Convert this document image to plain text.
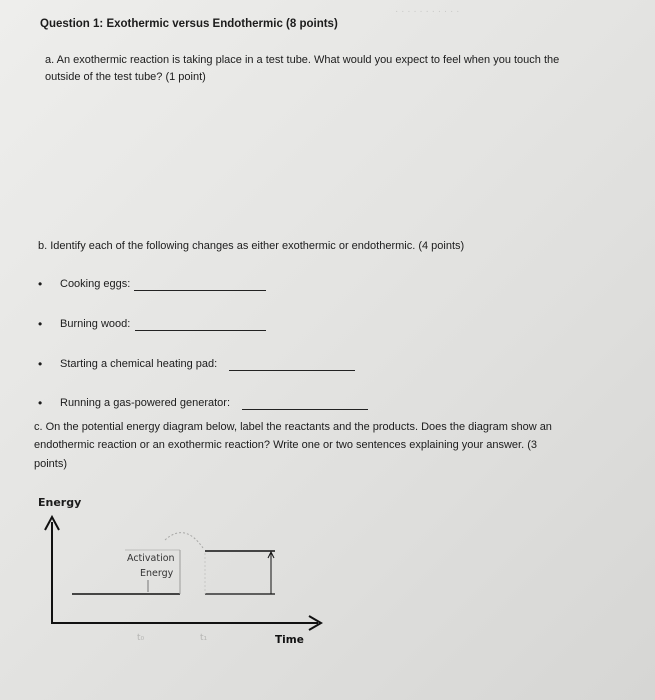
· · · · · · · · · · ·

Question 1: Exothermic versus Endothermic (8 points)

a. An exothermic reaction is taking place in a test tube. What would you expect to feel when you touch the

outside of the test tube? (1 point)

b. Identify each of the following changes as either exothermic or endothermic. (4 points)

• Cooking eggs:
• Burning wood:
• Starting a chemical heating pad:
• Running a gas-powered generator:

c. On the potential energy diagram below, label the reactants and the products. Does the diagram show an

endothermic reaction or an exothermic reaction? Write one or two sentences explaining your answer. (3

points)

Energy
Activation
Energy
t₀	t₁	Time
